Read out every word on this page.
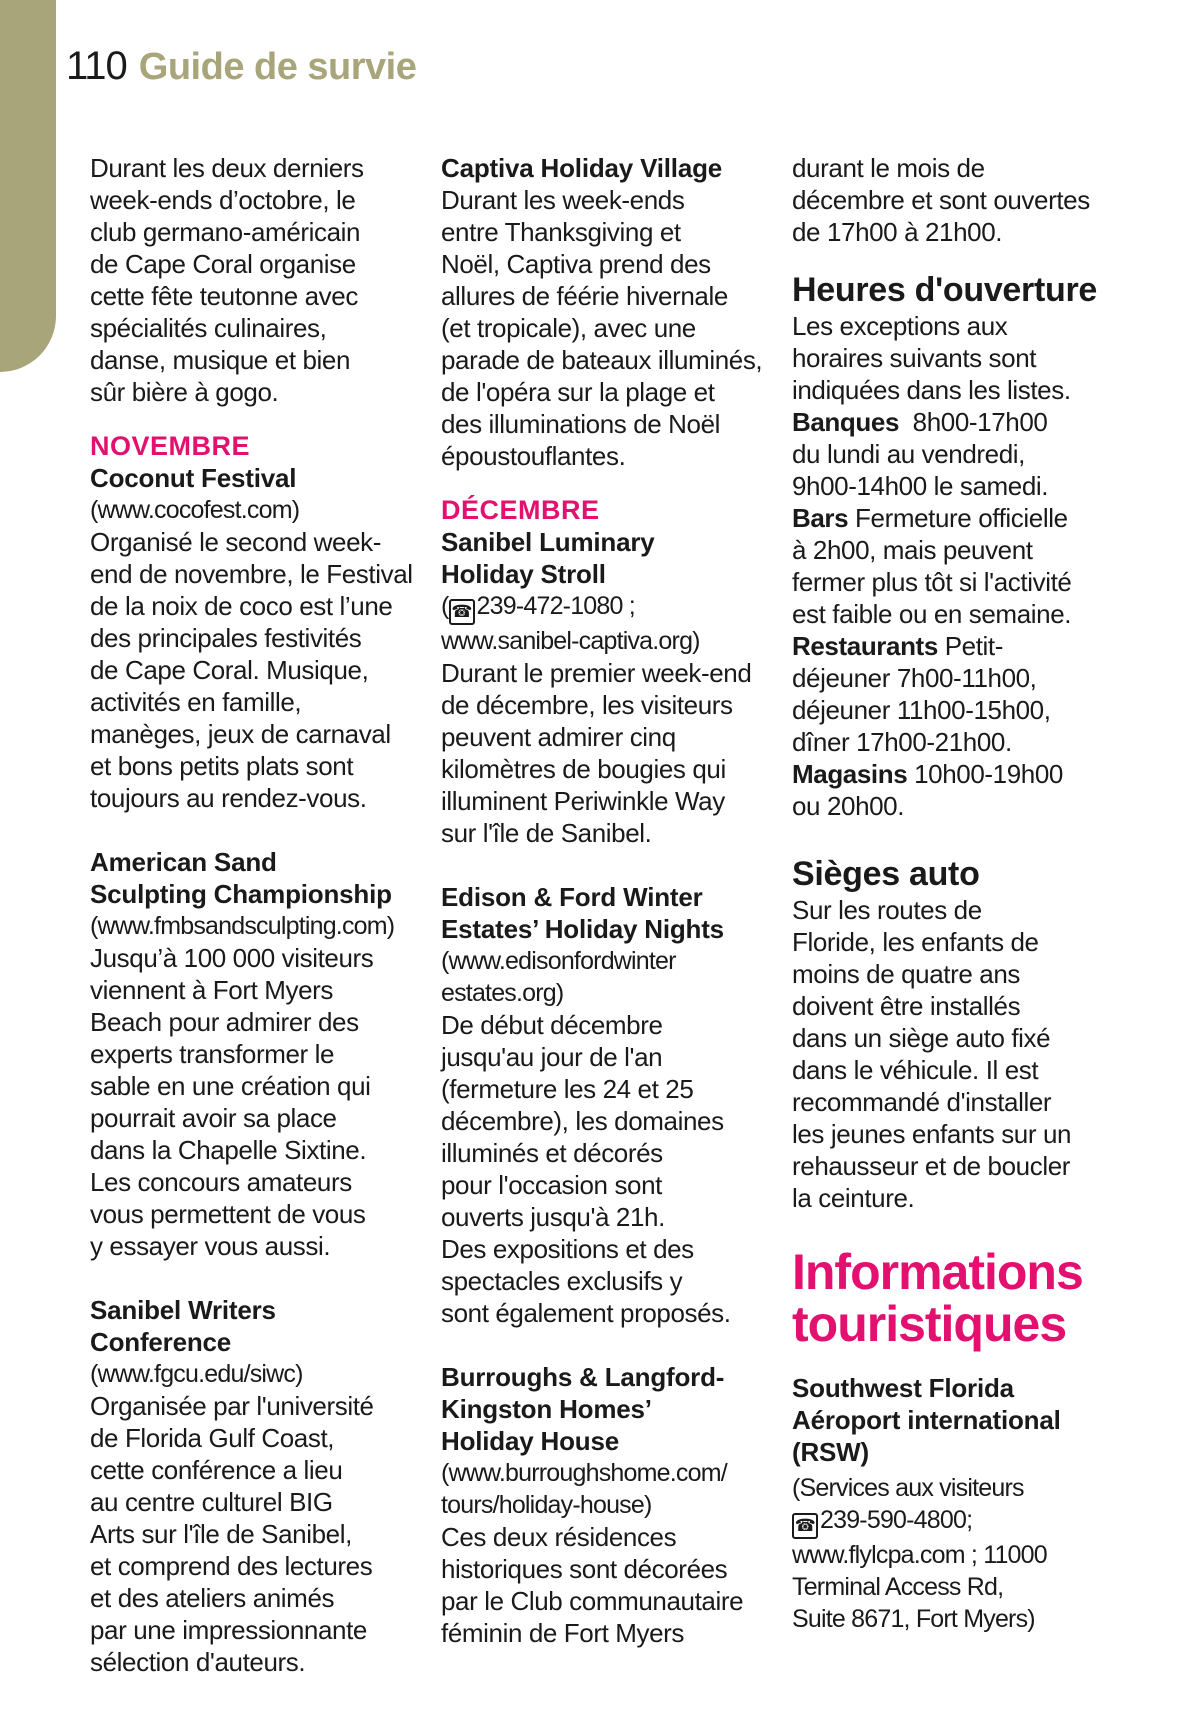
110 Guide de survie

Durant les deux derniers
week-ends d’octobre, le
club germano-américain
de Cape Coral organise
cette fête teutonne avec
spécialités culinaires,
danse, musique et bien
sûr bière à gogo.

NOVEMBRE

Coconut Festival

(www.cocofest.com)

Organisé le second week-
end de novembre, le Festival
de la noix de coco est l’une
des principales festivités
de Cape Coral. Musique,
activités en famille,
manèges, jeux de carnaval
et bons petits plats sont
toujours au rendez-vous.

American Sand
Sculpting Championship

(www.fmbsandsculpting.com)

Jusqu’à 100 000 visiteurs
viennent à Fort Myers
Beach pour admirer des
experts transformer le
sable en une création qui
pourrait avoir sa place
dans la Chapelle Sixtine.
Les concours amateurs
vous permettent de vous
y essayer vous aussi.

Sanibel Writers
Conference

(www.fgcu.edu/siwc)

Organisée par l'université
de Florida Gulf Coast,
cette conférence a lieu
au centre culturel BIG
Arts sur l'île de Sanibel,
et comprend des lectures
et des ateliers animés
par une impressionnante
sélection d'auteurs.

Captiva Holiday Village

Durant les week-ends
entre Thanksgiving et
Noël, Captiva prend des
allures de féérie hivernale
(et tropicale), avec une
parade de bateaux illuminés,
de l'opéra sur la plage et
des illuminations de Noël
époustouflantes.

DÉCEMBRE

Sanibel Luminary
Holiday Stroll

( ☎ 239-472-1080 ;
www.sanibel-captiva.org)

Durant le premier week-end
de décembre, les visiteurs
peuvent admirer cinq
kilomètres de bougies qui
illuminent Periwinkle Way
sur l'île de Sanibel.

Edison & Ford Winter
Estates’ Holiday Nights

(www.edisonfordwinter
estates.org)

De début décembre
jusqu'au jour de l'an
(fermeture les 24 et 25
décembre), les domaines
illuminés et décorés
pour l'occasion sont
ouverts jusqu'à 21h.
Des expositions et des
spectacles exclusifs y
sont également proposés.

Burroughs & Langford-
Kingston Homes’
Holiday House

(www.burroughshome.com/
tours/holiday-house)

Ces deux résidences
historiques sont décorées
par le Club communautaire
féminin de Fort Myers

durant le mois de
décembre et sont ouvertes
de 17h00 à 21h00.

Heures d'ouverture

Les exceptions aux
horaires suivants sont
indiquées dans les listes.

Banques 8h00-17h00
du lundi au vendredi,
9h00-14h00 le samedi.

Bars Fermeture officielle
à 2h00, mais peuvent
fermer plus tôt si l'activité
est faible ou en semaine.

Restaurants Petit-
déjeuner 7h00-11h00,
déjeuner 11h00-15h00,
dîner 17h00-21h00.

Magasins 10h00-19h00
ou 20h00.

Sièges auto

Sur les routes de
Floride, les enfants de
moins de quatre ans
doivent être installés
dans un siège auto fixé
dans le véhicule. Il est
recommandé d'installer
les jeunes enfants sur un
rehausseur et de boucler
la ceinture.

Informations
touristiques

Southwest Florida
Aéroport international
(RSW)

(Services aux visiteurs
☎ 239-590-4800;
www.flylcpa.com ; 11000
Terminal Access Rd,
Suite 8671, Fort Myers)
